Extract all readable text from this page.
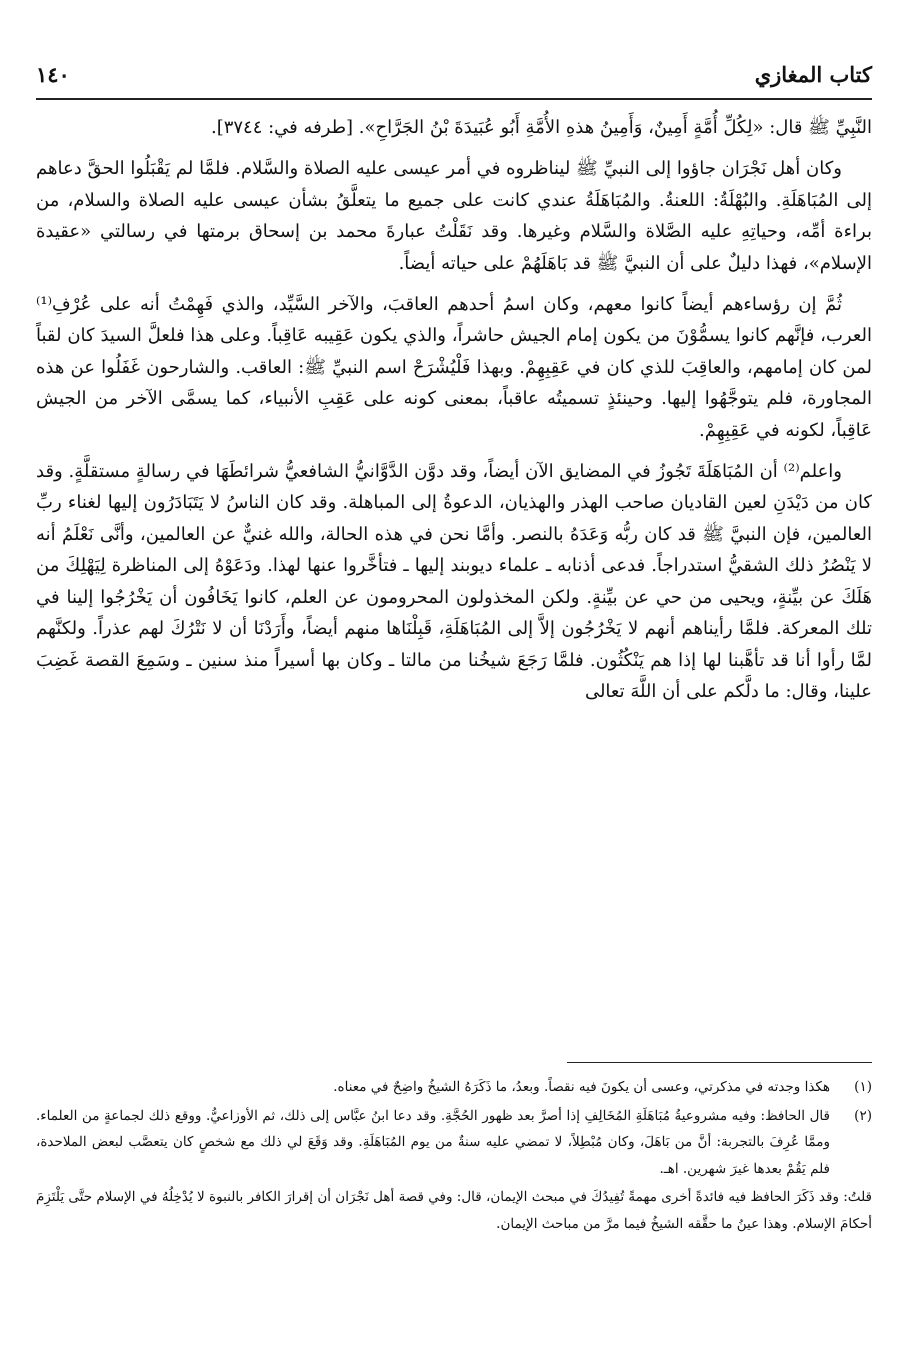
كتاب المغازي
١٤٠

النَّبِيِّ ﷺ قال: «لِكُلِّ أُمَّةٍ أَمِينٌ، وَأَمِينُ هذهِ الأُمَّةِ أَبُو عُبَيدَةَ بْنُ الجَرَّاحِ». [طرفه في: ٣٧٤٤].

وكان أهل نَجْرَان جاؤوا إلى النبيِّ ﷺ ليناظروه في أمر عيسى عليه الصلاة والسَّلام. فلمَّا لم يَقْبَلُوا الحقَّ دعاهم إلى المُبَاهَلَةِ. والبُهْلَةُ: اللعنةُ. والمُبَاهَلَةُ عندي كانت على جميع ما يتعلَّقُ بشأن عيسى عليه الصلاة والسلام، من براءة أمِّه، وحياتِهِ عليه الصَّلاة والسَّلام وغيرها. وقد نَقَلْتُ عبارةَ محمد بن إسحاق برمتها في رسالتي «عقيدة الإسلام»، فهذا دليلٌ على أن النبيَّ ﷺ قد بَاهَلَهُمْ على حياته أيضاً.

ثُمَّ إن رؤساءهم أيضاً كانوا معهم، وكان اسمُ أحدهم العاقبَ، والآخر السَّيِّد، والذي فَهِمْتُ أنه على عُرْفِ⁽¹⁾ العرب، فإنَّهم كانوا يسمُّوْنَ من يكون إمام الجيش حاشراً، والذي يكون عَقِيبه عَاقِباً. وعلى هذا فلعلَّ السيدَ كان لقباً لمن كان إمامهم، والعاقِبَ للذي كان في عَقِبِهِمْ. وبهذا فَلْيُشْرَحْ اسم النبيِّ ﷺ: العاقب. والشارحون غَفَلُوا عن هذه المجاورة، فلم يتوجَّهُوا إليها. وحينئذٍ تسميتُه عاقباً، بمعنى كونه على عَقِبِ الأنبياء، كما يسمَّى الآخر من الجيش عَاقِباً، لكونه في عَقِبِهِمْ.

واعلم⁽²⁾ أن المُبَاهَلَةَ تَجُوزُ في المضايق الآن أيضاً، وقد دوَّن الدَّوَّانيُّ الشافعيُّ شرائطَهَا في رسالةٍ مستقلَّةٍ. وقد كان من دَيْدَنِ لعين القاديان صاحب الهذر والهذيان، الدعوةُ إلى المباهلة. وقد كان الناسُ لا يَتَبَادَرُون إليها لغناء ربِّ العالمين، فإن النبيَّ ﷺ قد كان ربُّه وَعَدَهُ بالنصر. وأمَّا نحن في هذه الحالة، والله غنيٌّ عن العالمين، وأنَّى نَعْلَمُ أنه لا يَنْصُرُ ذلك الشقيُّ استدراجاً. فدعى أذنابه ـ علماء ديوبند إليها ـ فتأخَّروا عنها لهذا. ودَعَوْهُ إلى المناظرة لِيَهْلِكَ من هَلَكَ عن بيِّنةٍ، ويحيى من حي عن بيِّنةٍ. ولكن المخذولون المحرومون عن العلم، كانوا يَخَافُون أن يَخْرُجُوا إلينا في تلك المعركة. فلمَّا رأيناهم أنهم لا يَخْرُجُون إلاَّ إلى المُبَاهَلَةِ، قَبِلْنَاها منهم أيضاً، وأَرَدْنَا أن لا نَتْرُكَ لهم عذراً. ولكنَّهم لمَّا رأوا أنا قد تأهَّبنا لها إذا هم يَنْكُثُون. فلمَّا رَجَعَ شيخُنا من مالتا ـ وكان بها أسيراً منذ سنين ـ وسَمِعَ القصة غَضِبَ علينا، وقال: ما دلَّكم على أن اللَّهَ تعالى

(١)
هكذا وجدته في مذكرتي، وعسى أن يكونَ فيه نقصاً. وبعدُ، ما ذَكَرَهُ الشيخُ واضِحٌ في معناه.
(٢)
قال الحافظ: وفيه مشروعيةُ مُبَاهَلَةِ المُخَالِفِ إذا أصرَّ بعد ظهور الحُجَّةِ. وقد دعا ابنُ عبَّاس إلى ذلك، ثم الأوزاعيُّ. ووقع ذلك لجماعةٍ من العلماء. وممَّا عُرِفَ بالتجربة: أنَّ من بَاهَلَ، وكان مُبْطِلاً، لا تمضي عليه سنةٌ من يوم المُبَاهَلَةِ. وقد وَقَعَ لي ذلك مع شخصٍ كان يتعصَّب لبعض الملاحدة، فلم يَقُمْ بعدها غيرَ شهرين. اهـ.

قلتُ: وقد ذَكَرَ الحافظ فيه فائدةً أخرى مهمةً تُفِيدُكَ في مبحث الإيمان، قال: وفي قصة أهل نَجْرَان أن إقرارَ الكافر بالنبوة لا يُدْخِلُهُ في الإسلام حتَّى يَلْتَزِمَ أحكامَ الإسلام. وهذا عينُ ما حقَّقه الشيخُ فيما مرَّ من مباحث الإيمان.
